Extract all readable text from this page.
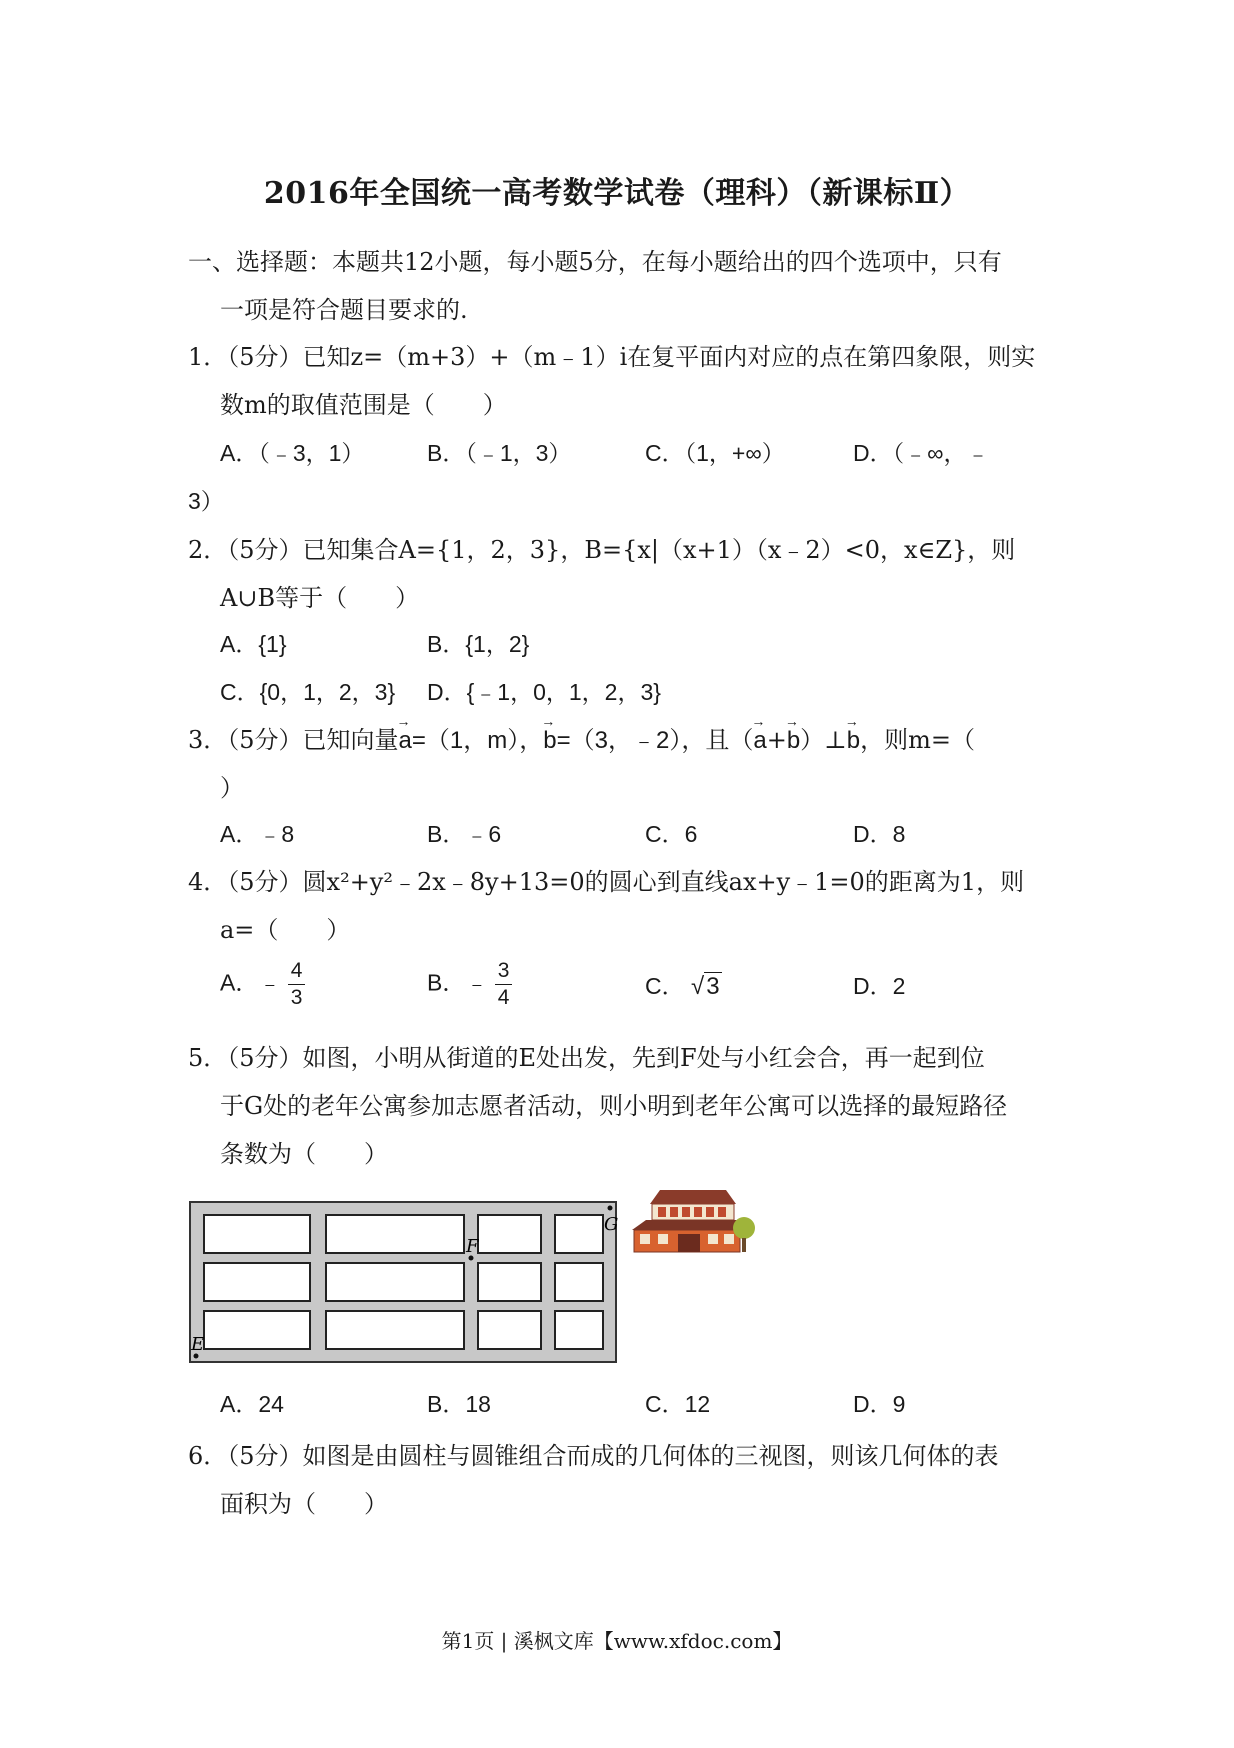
2016年全国统一高考数学试卷（理科）（新课标Ⅱ）
一、选择题：本题共12小题，每小题5分，在每小题给出的四个选项中，只有
一项是符合题目要求的.
1．（5分）已知z=（m+3）+（m﹣1）i在复平面内对应的点在第四象限，则实
数m的取值范围是（　　）
A．（﹣3，1）	B．（﹣1，3）	C．（1，+∞）	D．（﹣∞，﹣
3）
2．（5分）已知集合A={1，2，3}，B={x|（x+1）（x﹣2）<0，x∈Z}，则
A∪B等于（　　）
A．{1}	B．{1，2}
C．{0，1，2，3} D．{﹣1，0，1，2，3}
3．（5分）已知向量→ a=（1，m），→ b=（3，﹣2），且（→ a+→ b）⊥→ b，则m=（
）
A．﹣8	B．﹣6	C．6	D．8
4．（5分）圆x²+y²﹣2x﹣8y+13=0的圆心到直线ax+y﹣1=0的距离为1，则
a=（　　）
A．﹣ $\frac{4}{3}$	B．﹣ $\frac{3}{4}$	C． √3	D．2
5．（5分）如图，小明从街道的E处出发，先到F处与小红会合，再一起到位
于G处的老年公寓参加志愿者活动，则小明到老年公寓可以选择的最短路径
条数为（　　）
E
F
G
A．24	B．18	C．12	D．9
6．（5分）如图是由圆柱与圆锥组合而成的几何体的三视图，则该几何体的表
面积为（　　）
第1页 | 溪枫文库【www.xfdoc.com】
